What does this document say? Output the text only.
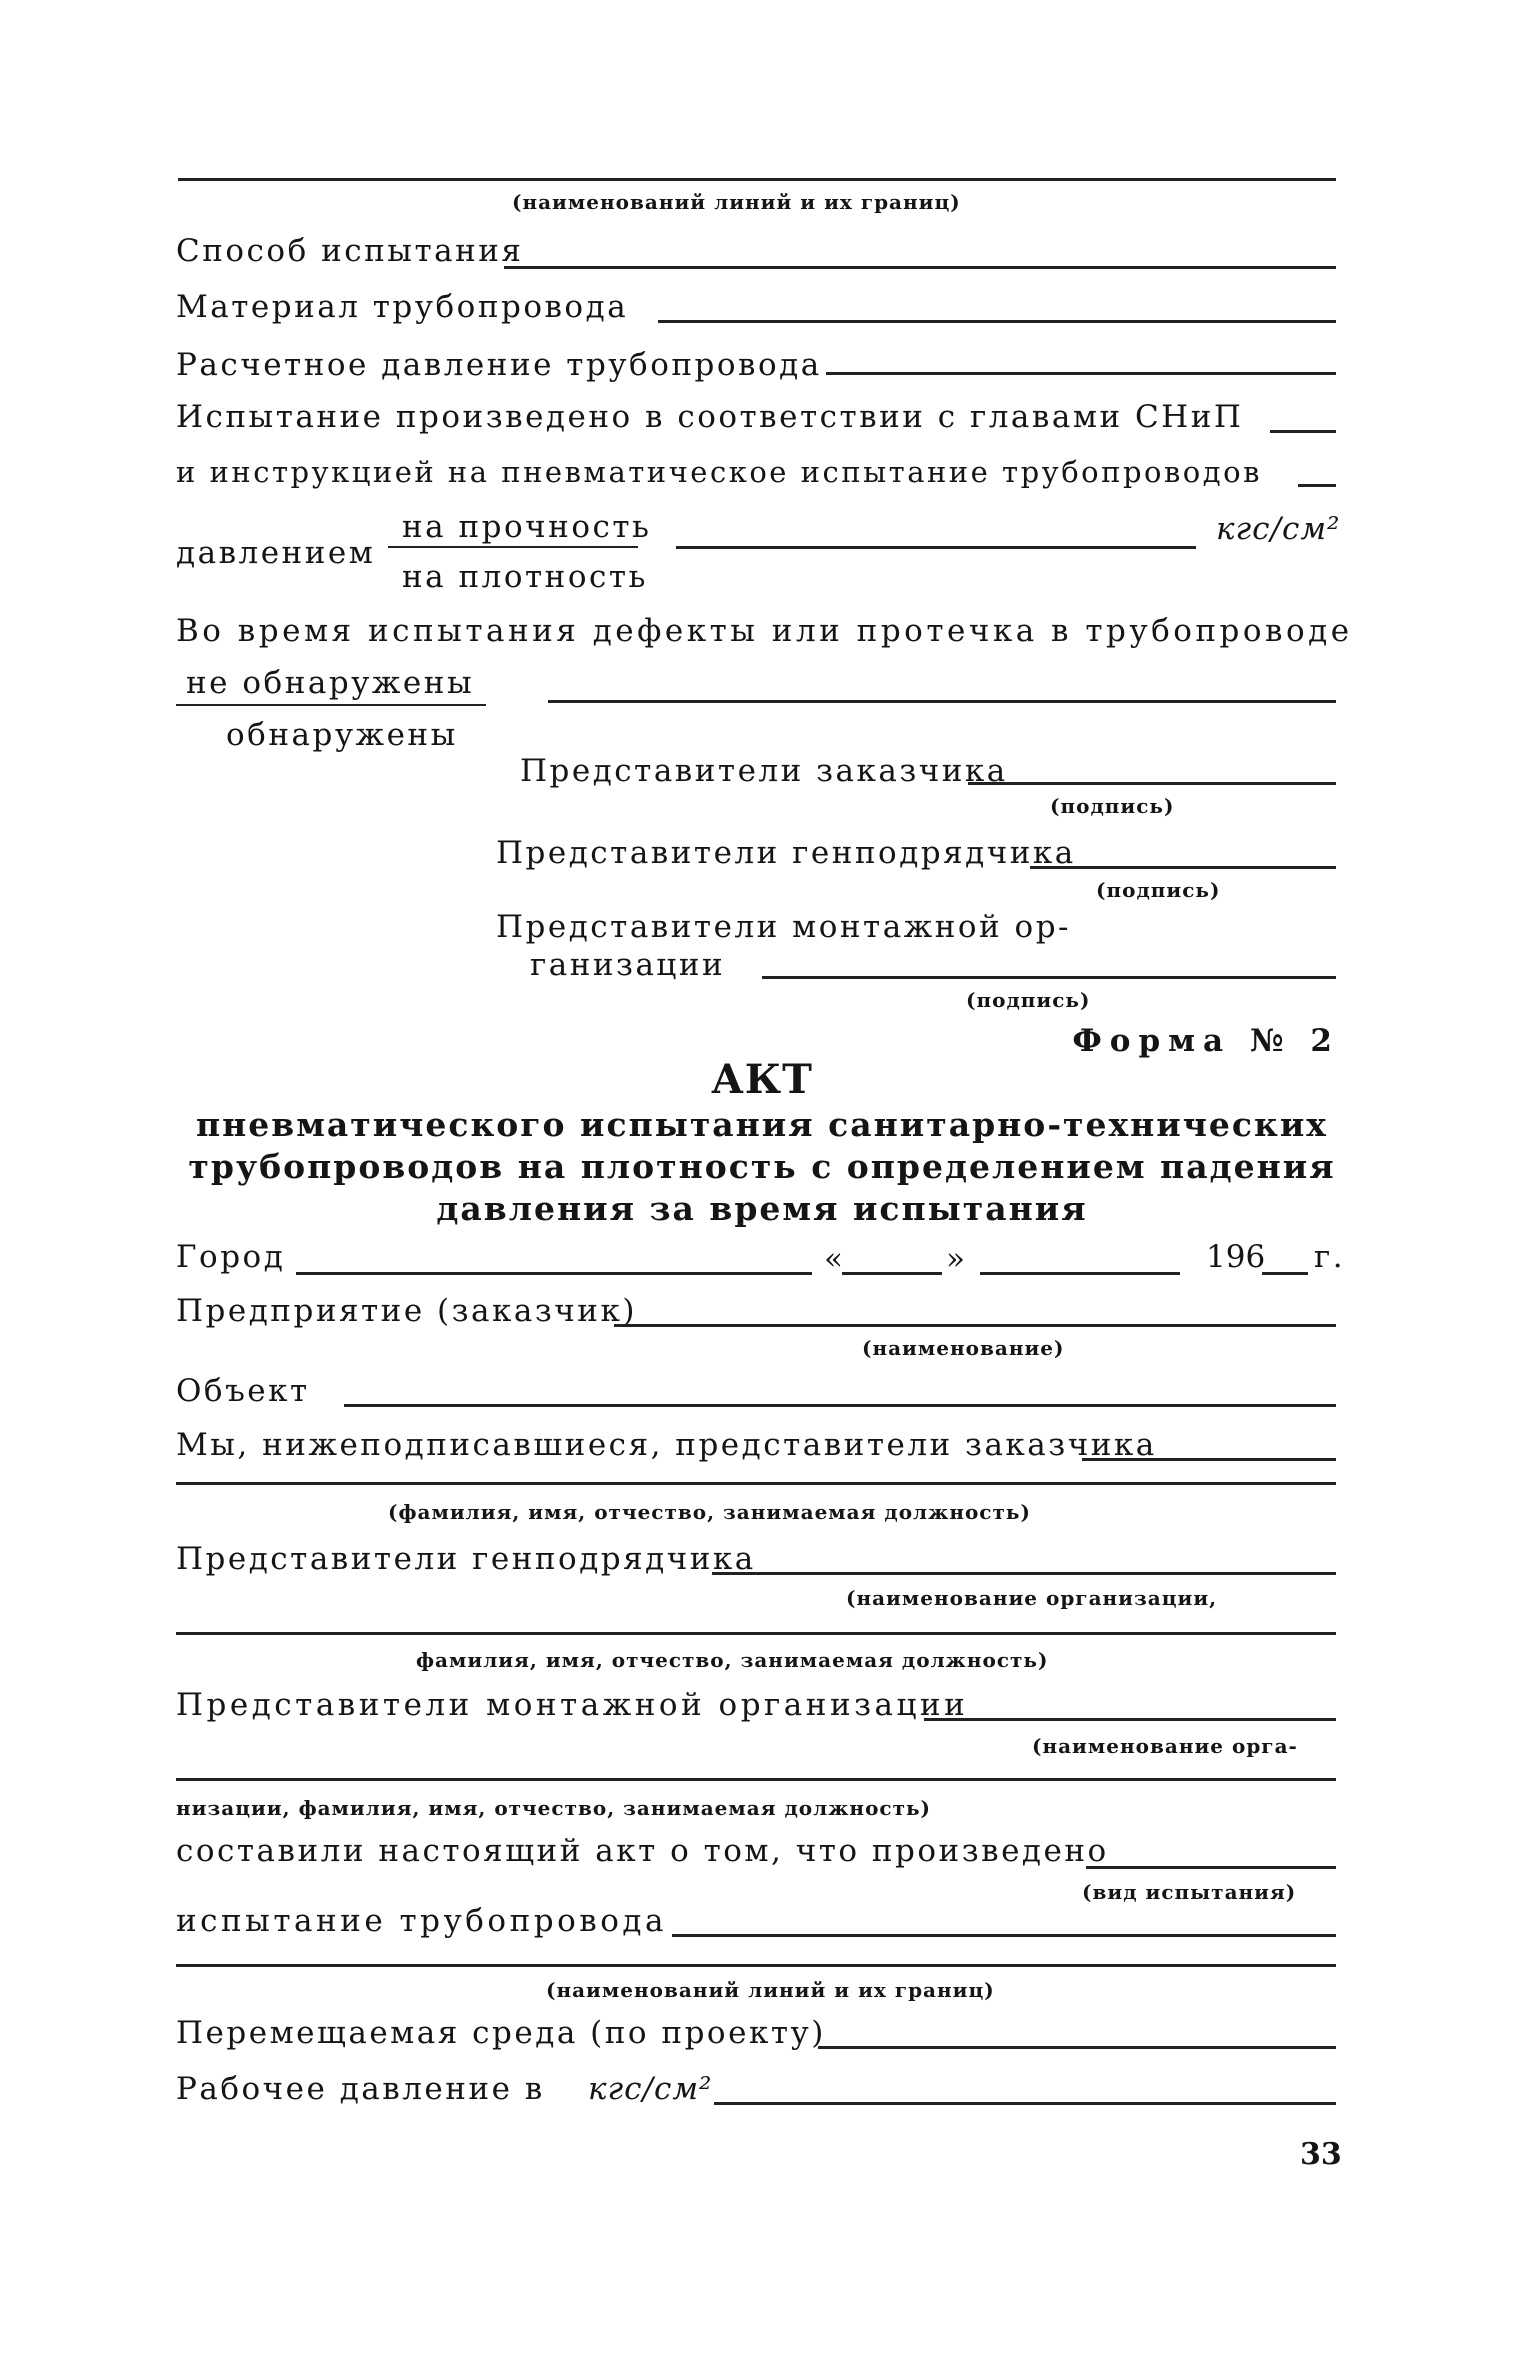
(наименований линий и их границ)
Способ испытания
Материал трубопровода
Расчетное давление трубопровода
Испытание произведено в соответствии с главами СНиП
и инструкцией на пневматическое испытание трубопроводов
на прочность
давлением
на плотность
кгс/см²
Во время испытания дефекты или протечка в трубопроводе
не обнаружены
обнаружены
Представители заказчика
(подпись)
Представители генподрядчика
(подпись)
Представители монтажной ор-
ганизации
(подпись)
Форма № 2
АКТ
пневматического испытания санитарно-технических
трубопроводов на плотность с определением падения
давления за время испытания
Город	«	»	196 г.
Предприятие (заказчик)
(наименование)
Объект
Мы, нижеподписавшиеся, представители заказчика
(фамилия, имя, отчество, занимаемая должность)
Представители генподрядчика
(наименование организации,
фамилия, имя, отчество, занимаемая должность)
Представители монтажной организации
(наименование орга-
низации, фамилия, имя, отчество, занимаемая должность)
составили настоящий акт о том, что произведено
(вид испытания)
испытание трубопровода
(наименований линий и их границ)
Перемещаемая среда (по проекту)
Рабочее давление в кгс/см²
33
